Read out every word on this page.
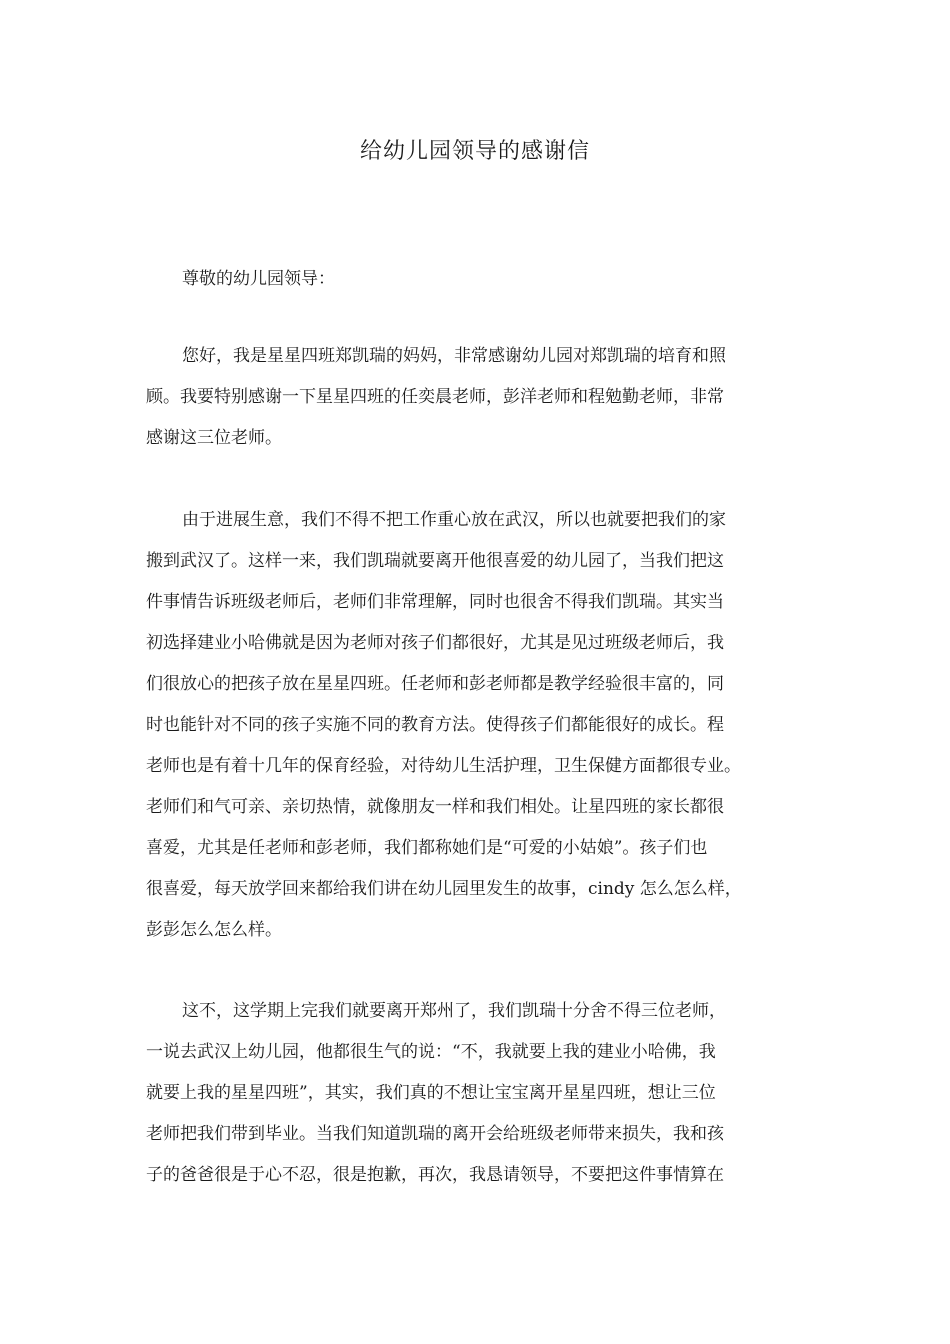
给幼儿园领导的感谢信
尊敬的幼儿园领导：
您好，我是星星四班郑凯瑞的妈妈，非常感谢幼儿园对郑凯瑞的培育和照
顾。我要特别感谢一下星星四班的任奕晨老师，彭洋老师和程勉勤老师，非常
感谢这三位老师。
由于进展生意，我们不得不把工作重心放在武汉，所以也就要把我们的家
搬到武汉了。这样一来，我们凯瑞就要离开他很喜爱的幼儿园了，当我们把这
件事情告诉班级老师后，老师们非常理解，同时也很舍不得我们凯瑞。其实当
初选择建业小哈佛就是因为老师对孩子们都很好，尤其是见过班级老师后，我
们很放心的把孩子放在星星四班。任老师和彭老师都是教学经验很丰富的，同
时也能针对不同的孩子实施不同的教育方法。使得孩子们都能很好的成长。程
老师也是有着十几年的保育经验，对待幼儿生活护理，卫生保健方面都很专业。
老师们和气可亲、亲切热情，就像朋友一样和我们相处。让星四班的家长都很
喜爱，尤其是任老师和彭老师，我们都称她们是“可爱的小姑娘”。孩子们也
很喜爱，每天放学回来都给我们讲在幼儿园里发生的故事，cindy 怎么怎么样，
彭彭怎么怎么样。
这不，这学期上完我们就要离开郑州了，我们凯瑞十分舍不得三位老师，
一说去武汉上幼儿园，他都很生气的说：“不，我就要上我的建业小哈佛，我
就要上我的星星四班”，其实，我们真的不想让宝宝离开星星四班，想让三位
老师把我们带到毕业。当我们知道凯瑞的离开会给班级老师带来损失，我和孩
子的爸爸很是于心不忍，很是抱歉，再次，我恳请领导，不要把这件事情算在
